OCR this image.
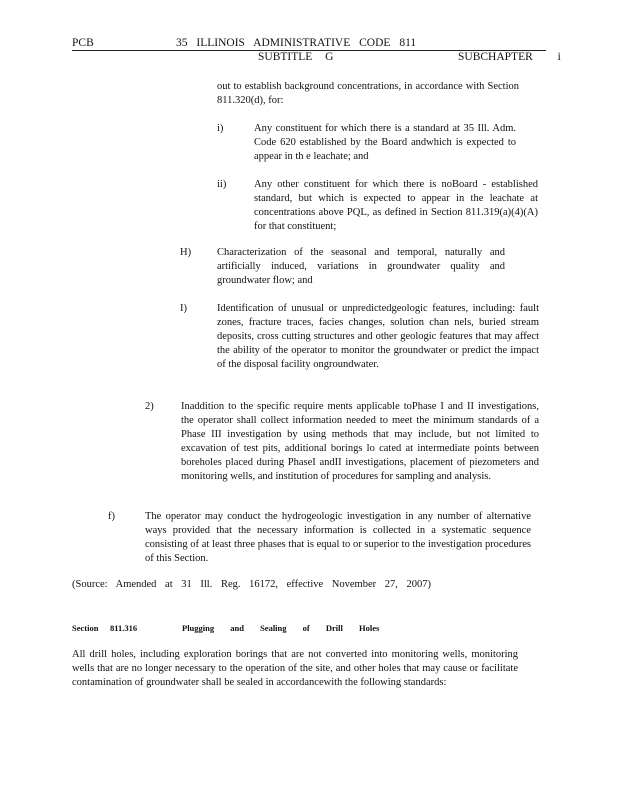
PCB	35 ILLINOIS ADMINISTRATIVE CODE 811
SUBTITLE G	SUBCHAPTER i
out to establish background concentrations, in accordance with Section 811.320(d), for:
i)	Any constituent for which there is a standard at 35 Ill. Adm. Code 620 established by the Board andwhich is expected to appear in th e leachate; and
ii)	Any other constituent for which there is noBoard - established standard, but which is expected to appear in the leachate at concentrations above PQL, as defined in Section 811.319(a)(4)(A) for that constituent;
H) Characterization of the seasonal and temporal, naturally and artificially induced, variations in groundwater quality and groundwater flow; and
I)	Identification of unusual or unpredictedgeologic features, including: fault zones, fracture traces, facies changes, solution chan nels, buried stream deposits, cross cutting structures and other geologic features that may affect the ability of the operator to monitor the groundwater or predict the impact of the disposal facility ongroundwater.
2)	Inaddition to the specific require ments applicable toPhase I and II investigations, the operator shall collect information needed to meet the minimum standards of a Phase III investigation by using methods that may include, but not limited to excavation of test pits, additional borings lo cated at intermediate points between boreholes placed during PhaseI andII investigations, placement of piezometers and monitoring wells, and institution of procedures for sampling and analysis.
f)	The operator may conduct the hydrogeologic investigation in any number of alternative ways provided that the necessary information is collected in a systematic sequence consisting of at least three phases that is equal to or superior to the investigation procedures of this Section.
(Source: Amended at 31 Ill. Reg. 16172, effective November 27, 2007)
Section 811.316	Plugging and Sealing of Drill Holes
All drill holes, including exploration borings that are not converted into monitoring wells, monitoring wells that are no longer necessary to the operation of the site, and other holes that may cause or facilitate contamination of groundwater shall be sealed in accordancewith the following standards:
